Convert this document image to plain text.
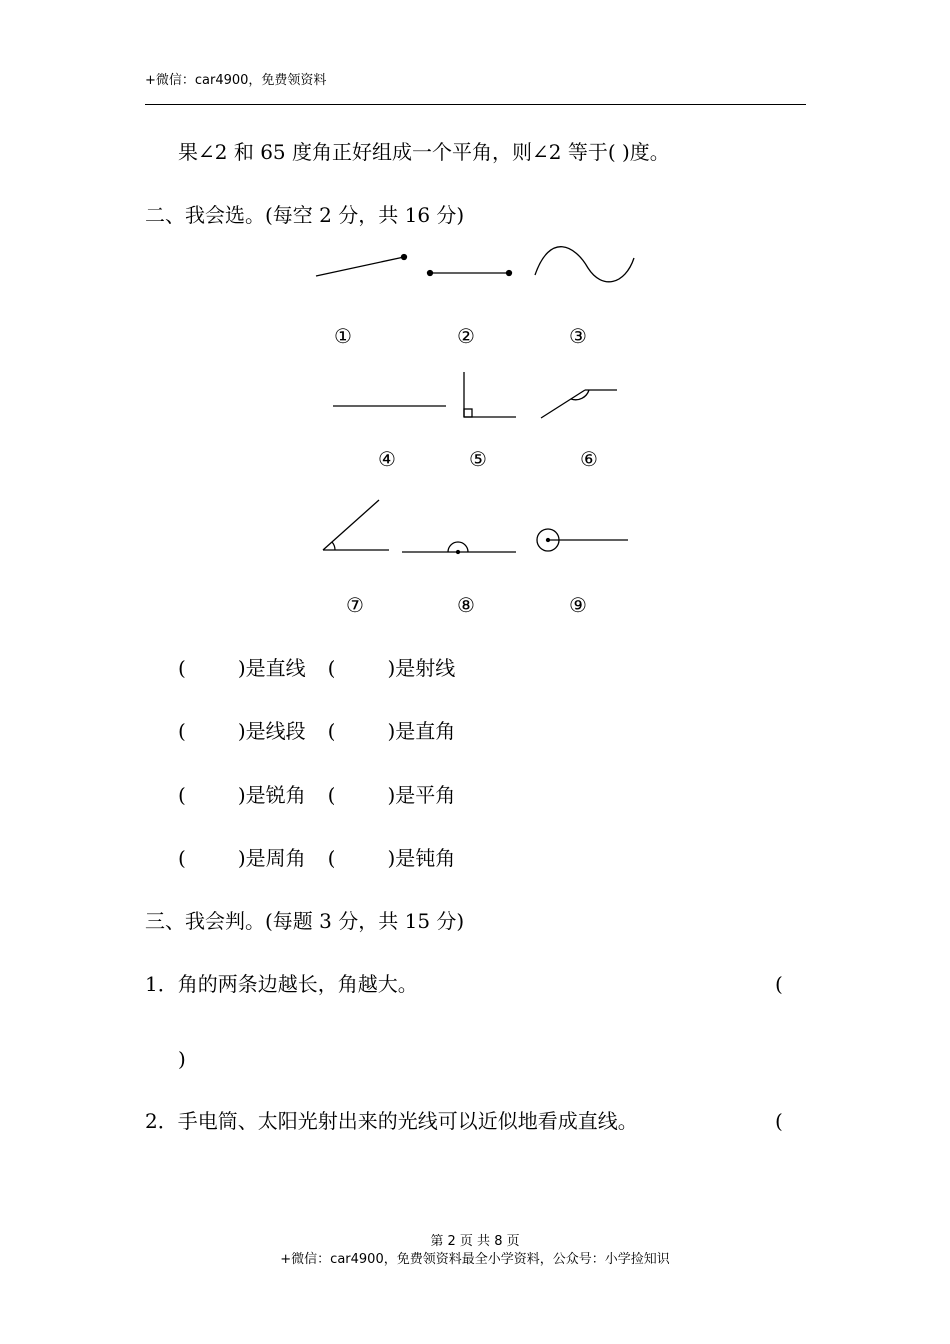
+微信：car4900，免费领资料
果∠2 和 65 度角正好组成一个平角，则∠2 等于( )度。
二、我会选。(每空 2 分，共 16 分)
①	②	③
④	⑤	⑥
⑦	⑧	⑨
(	)是直线 (	)是射线
(	)是线段 (	)是直角
(	)是锐角 (	)是平角
(	)是周角 (	)是钝角
三、我会判。(每题 3 分，共 15 分)
1．角的两条边越长，角越大。	(
)
2．手电筒、太阳光射出来的光线可以近似地看成直线。	(
第 2 页 共 8 页
+微信：car4900，免费领资料最全小学资料，公众号：小学捡知识
